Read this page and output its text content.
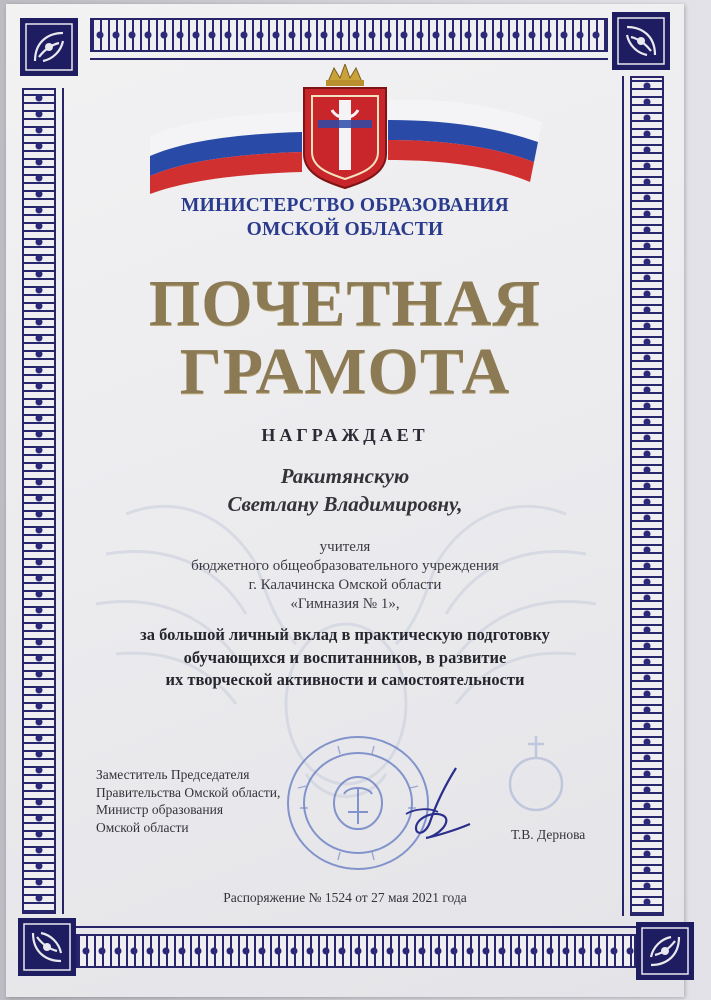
МИНИСТЕРСТВО ОБРАЗОВАНИЯ
ОМСКОЙ ОБЛАСТИ
ПОЧЕТНАЯ
ГРАМОТА
НАГРАЖДАЕТ
Ракитянскую
Светлану Владимировну,
учителя
бюджетного общеобразовательного учреждения
г. Калачинска Омской области
«Гимназия № 1»,
за большой личный вклад в практическую подготовку
обучающихся и воспитанников, в развитие
их творческой активности и самостоятельности
Заместитель Председателя
Правительства Омской области,
Министр образования
Омской области	Т.В. Дернова
Распоряжение № 1524 от 27 мая 2021 года
